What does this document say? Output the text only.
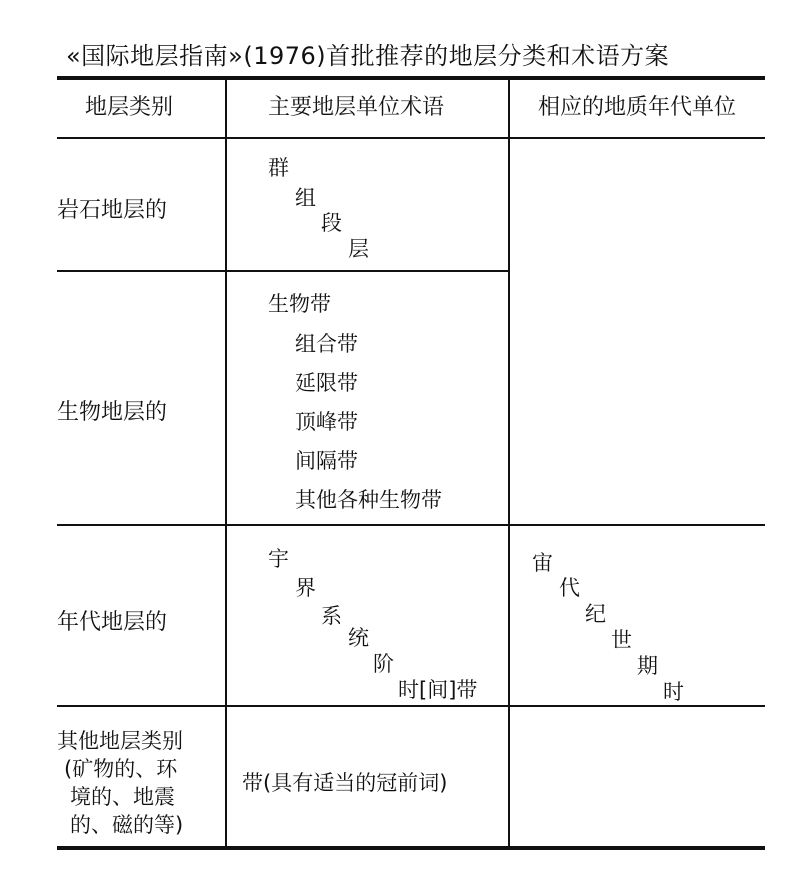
«国际地层指南»(1976)首批推荐的地层分类和术语方案
地层类别	主要地层单位术语	相应的地质年代单位
岩石地层的
群
组
段
层
生物地层的
生物带
组合带
延限带
顶峰带
间隔带
其他各种生物带
年代地层的
宇
界
系
统
阶
时[间]带
宙
代
纪
世
期
时
其他地层类别
(矿物的、环
境的、地震
的、磁的等)
带(具有适当的冠前词)
